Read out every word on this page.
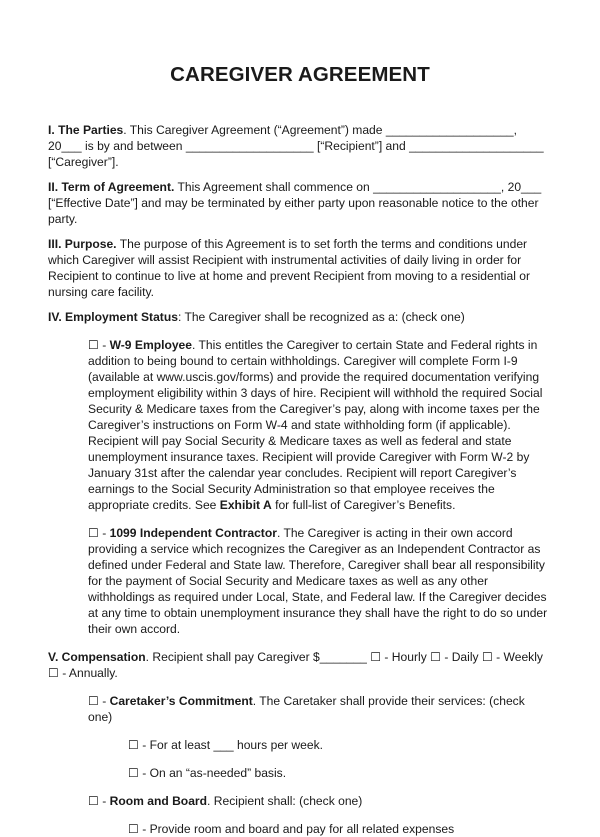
CAREGIVER AGREEMENT

I. The Parties. This Caregiver Agreement (“Agreement”) made ___________________, 20___ is by and between ___________________ [“Recipient”] and ____________________ [“Caregiver”].

II. Term of Agreement. This Agreement shall commence on ___________________, 20___ [“Effective Date”] and may be terminated by either party upon reasonable notice to the other party.

III. Purpose. The purpose of this Agreement is to set forth the terms and conditions under which Caregiver will assist Recipient with instrumental activities of daily living in order for Recipient to continue to live at home and prevent Recipient from moving to a residential or nursing care facility.

IV. Employment Status: The Caregiver shall be recognized as a: (check one)

☐ - W-9 Employee. This entitles the Caregiver to certain State and Federal rights in addition to being bound to certain withholdings. Caregiver will complete Form I-9 (available at www.uscis.gov/forms) and provide the required documentation verifying employment eligibility within 3 days of hire. Recipient will withhold the required Social Security & Medicare taxes from the Caregiver’s pay, along with income taxes per the Caregiver’s instructions on Form W-4 and state withholding form (if applicable). Recipient will pay Social Security & Medicare taxes as well as federal and state unemployment insurance taxes. Recipient will provide Caregiver with Form W-2 by January 31st after the calendar year concludes. Recipient will report Caregiver’s earnings to the Social Security Administration so that employee receives the appropriate credits. See Exhibit A for full-list of Caregiver’s Benefits.

☐ - 1099 Independent Contractor. The Caregiver is acting in their own accord providing a service which recognizes the Caregiver as an Independent Contractor as defined under Federal and State law. Therefore, Caregiver shall bear all responsibility for the payment of Social Security and Medicare taxes as well as any other withholdings as required under Local, State, and Federal law. If the Caregiver decides at any time to obtain unemployment insurance they shall have the right to do so under their own accord.

V. Compensation. Recipient shall pay Caregiver $_______ ☐ - Hourly ☐ - Daily ☐ - Weekly ☐ - Annually.

☐ - Caretaker’s Commitment. The Caretaker shall provide their services: (check one)

☐ - For at least ___ hours per week.

☐ - On an “as-needed” basis.

☐ - Room and Board. Recipient shall: (check one)

☐ - Provide room and board and pay for all related expenses
